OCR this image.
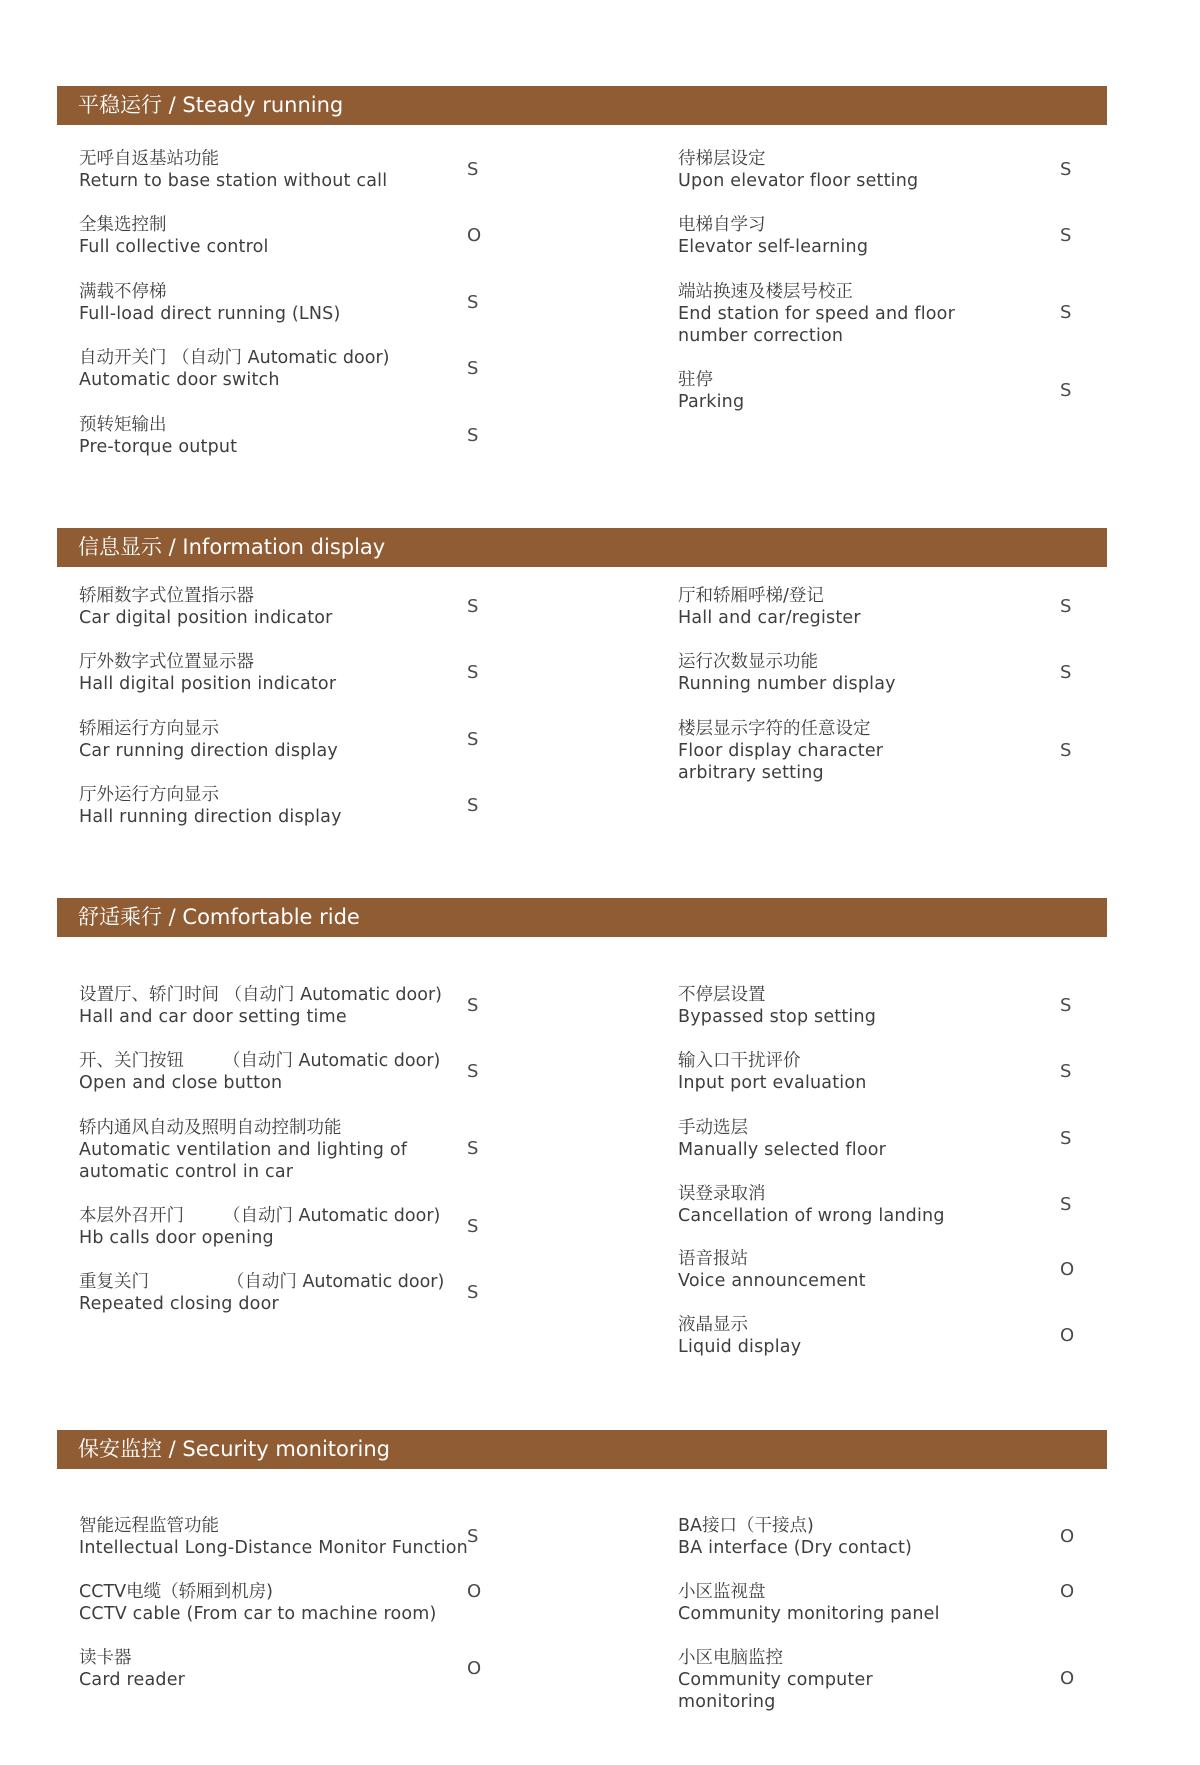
平稳运行 / Steady running
无呼自返基站功能
Return to base station without call
S
全集选控制
Full collective control
O
满载不停梯
Full-load direct running (LNS)
S
自动开关门 （自动门 Automatic door)
Automatic door switch
S
预转矩输出
Pre-torque output
S
待梯层设定
Upon elevator floor setting
S
电梯自学习
Elevator self-learning
S
端站换速及楼层号校正
End station for speed and floor
number correction
S
驻停
Parking
S
信息显示 / Information display
轿厢数字式位置指示器
Car digital position indicator
S
厅外数字式位置显示器
Hall digital position indicator
S
轿厢运行方向显示
Car running direction display
S
厅外运行方向显示
Hall running direction display
S
厅和轿厢呼梯/登记
Hall and car/register
S
运行次数显示功能
Running number display
S
楼层显示字符的任意设定
Floor display character
arbitrary setting
S
舒适乘行 / Comfortable ride
设置厅、轿门时间 （自动门 Automatic door)
Hall and car door setting time
S
开、关门按钮       （自动门 Automatic door)
Open and close button
S
轿内通风自动及照明自动控制功能
Automatic ventilation and lighting of
automatic control in car
S
本层外召开门       （自动门 Automatic door)
Hb calls door opening
S
重复关门              （自动门 Automatic door)
Repeated closing door
S
不停层设置
Bypassed stop setting
S
输入口干扰评价
Input port evaluation
S
手动选层
Manually selected floor
S
误登录取消
Cancellation of wrong landing
S
语音报站
Voice announcement
O
液晶显示
Liquid display
O
保安监控 / Security monitoring
智能远程监管功能
Intellectual Long-Distance Monitor Function
S
CCTV电缆（轿厢到机房)
CCTV cable (From car to machine room)
O
读卡器
Card reader
O
BA接口（干接点)
BA interface (Dry contact)
O
小区监视盘
Community monitoring panel
O
小区电脑监控
Community computer
monitoring
O
